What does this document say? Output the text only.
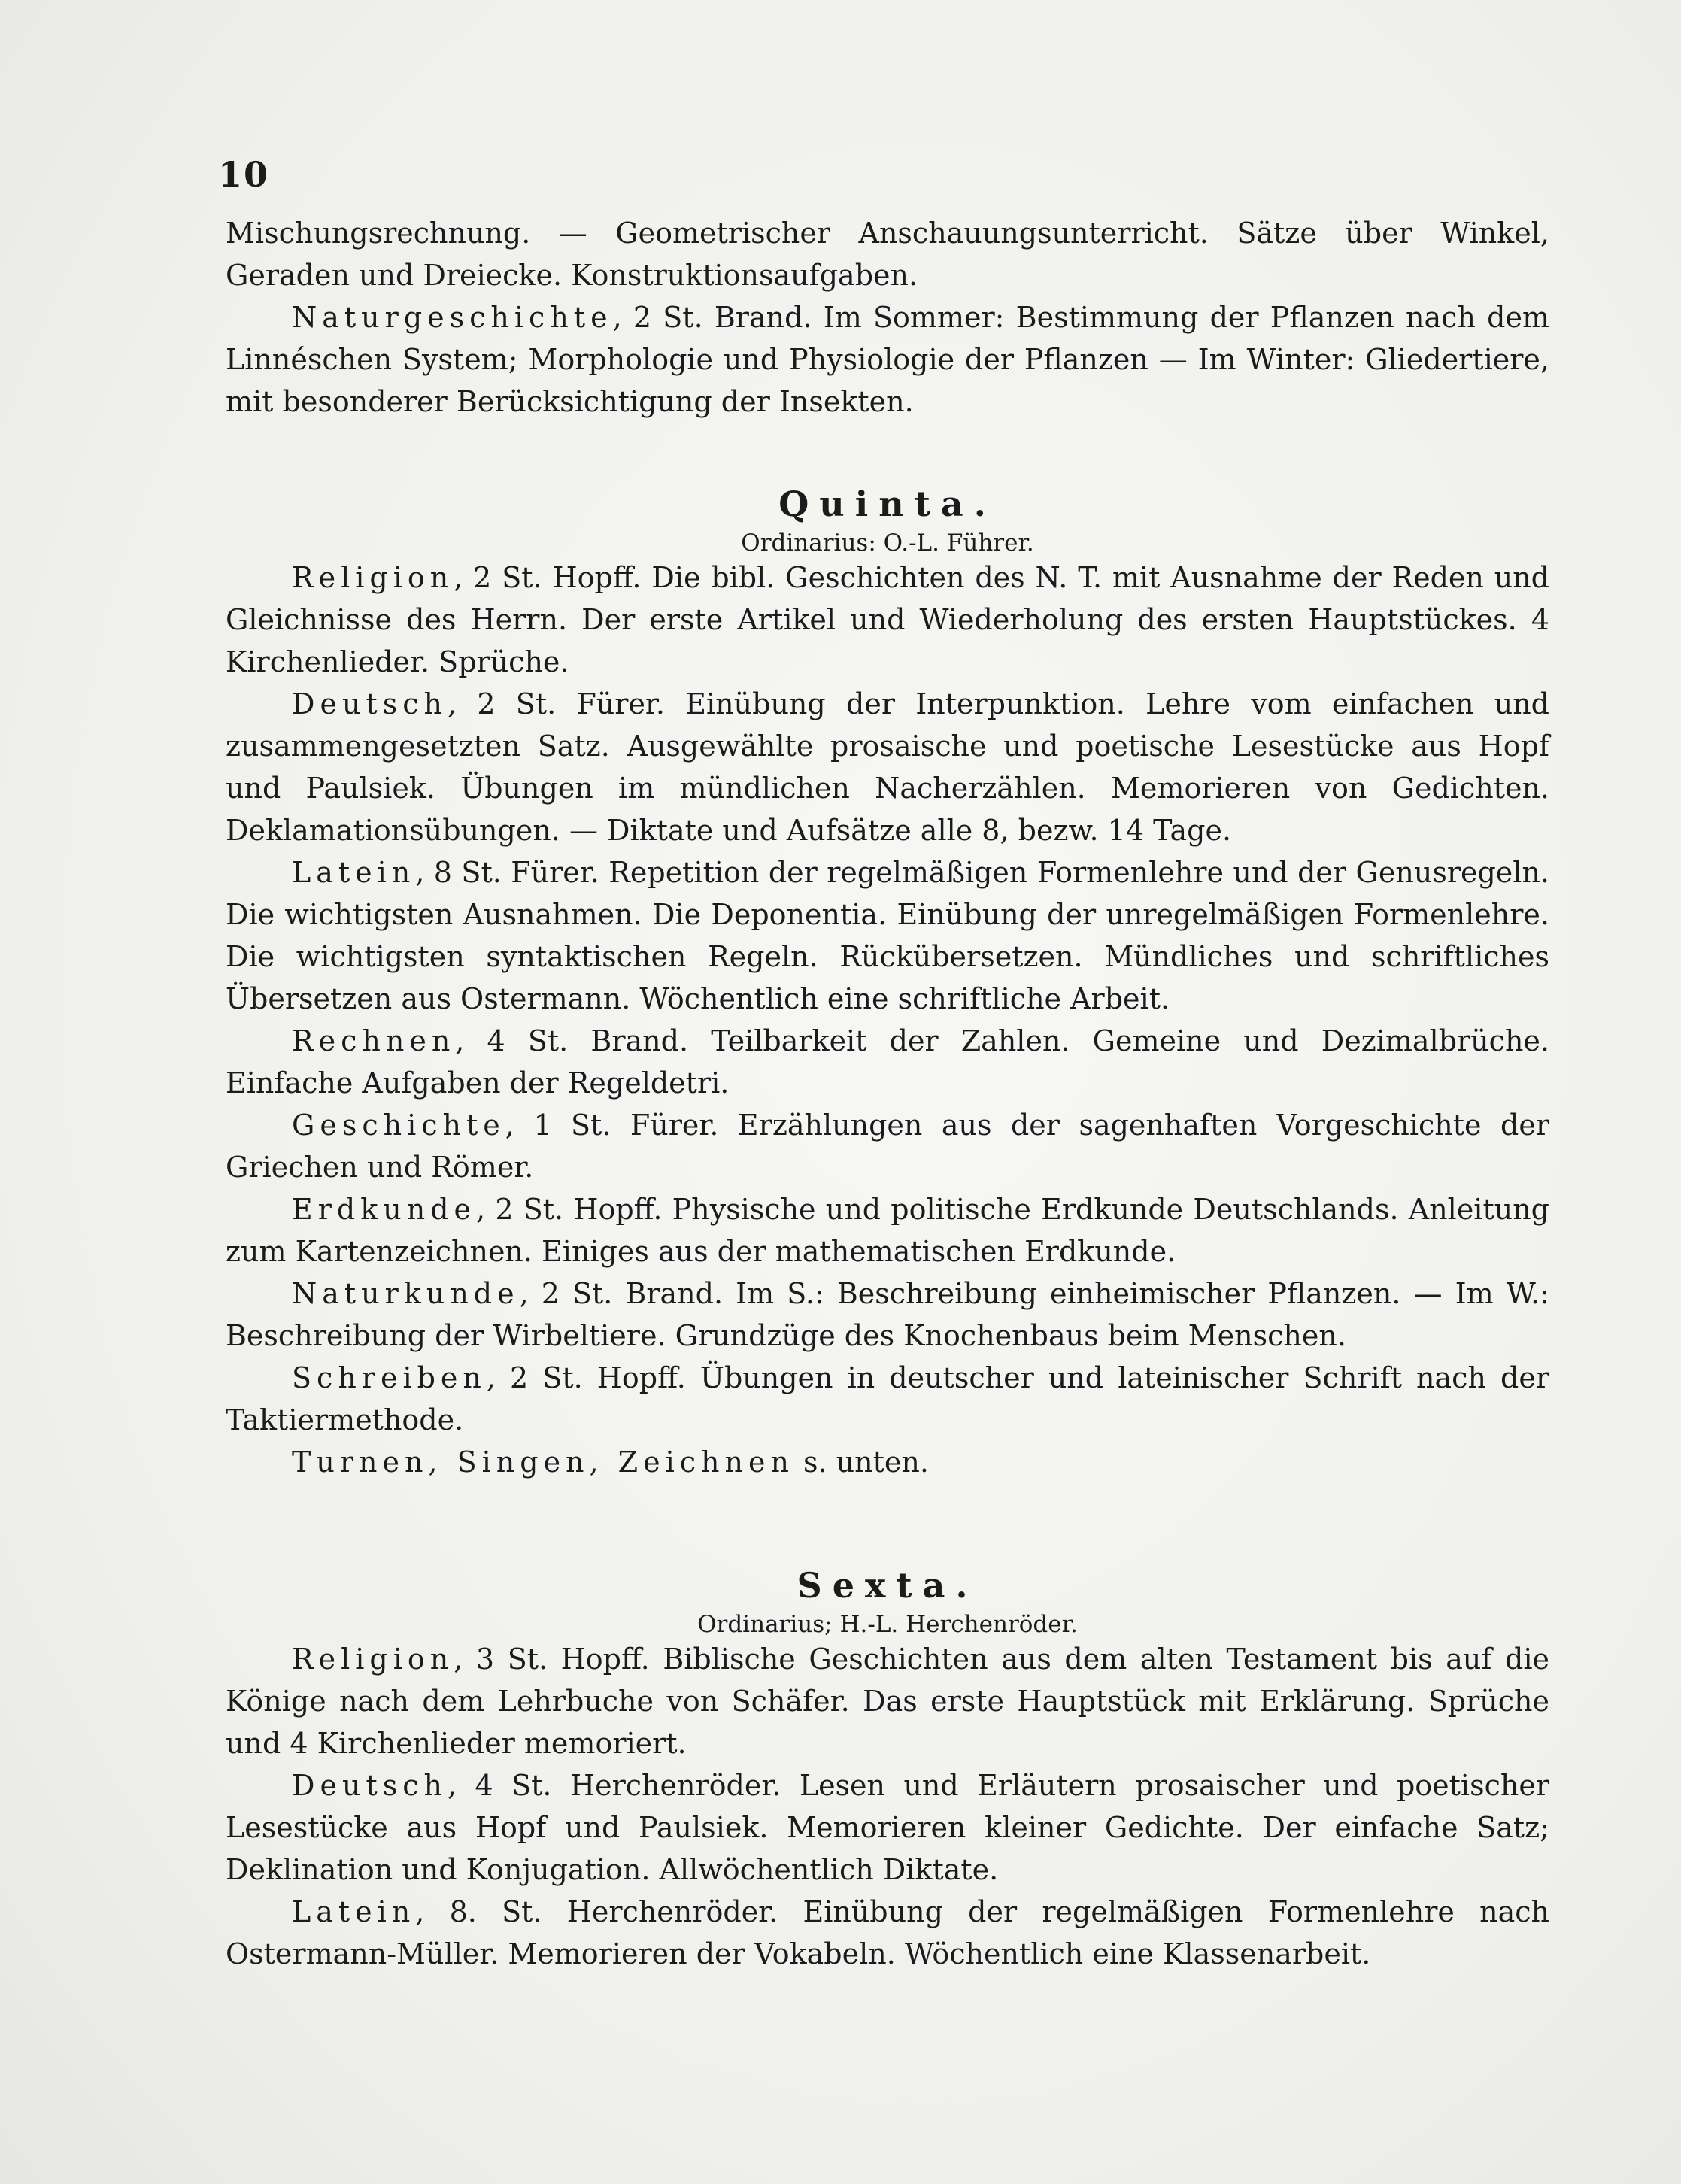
10

Mischungsrechnung. — Geometrischer Anschauungsunterricht. Sätze über Winkel, Geraden und Dreiecke. Konstruktionsaufgaben.

Naturgeschichte, 2 St. Brand. Im Sommer: Bestimmung der Pflanzen nach dem Linnéschen System; Morphologie und Physiologie der Pflanzen — Im Winter: Gliedertiere, mit besonderer Berücksichtigung der Insekten.

Quinta.

Ordinarius: O.-L. Führer.

Religion, 2 St. Hopff. Die bibl. Geschichten des N. T. mit Ausnahme der Reden und Gleichnisse des Herrn. Der erste Artikel und Wiederholung des ersten Hauptstückes. 4 Kirchenlieder. Sprüche.

Deutsch, 2 St. Fürer. Einübung der Interpunktion. Lehre vom einfachen und zusammengesetzten Satz. Ausgewählte prosaische und poetische Lesestücke aus Hopf und Paulsiek. Übungen im mündlichen Nacherzählen. Memorieren von Gedichten. Deklamationsübungen. — Diktate und Aufsätze alle 8, bezw. 14 Tage.

Latein, 8 St. Fürer. Repetition der regelmäßigen Formenlehre und der Genusregeln. Die wichtigsten Ausnahmen. Die Deponentia. Einübung der unregelmäßigen Formenlehre. Die wichtigsten syntaktischen Regeln. Rückübersetzen. Mündliches und schriftliches Übersetzen aus Ostermann. Wöchentlich eine schriftliche Arbeit.

Rechnen, 4 St. Brand. Teilbarkeit der Zahlen. Gemeine und Dezimalbrüche. Einfache Aufgaben der Regeldetri.

Geschichte, 1 St. Fürer. Erzählungen aus der sagenhaften Vorgeschichte der Griechen und Römer.

Erdkunde, 2 St. Hopff. Physische und politische Erdkunde Deutschlands. Anleitung zum Kartenzeichnen. Einiges aus der mathematischen Erdkunde.

Naturkunde, 2 St. Brand. Im S.: Beschreibung einheimischer Pflanzen. — Im W.: Beschreibung der Wirbeltiere. Grundzüge des Knochenbaus beim Menschen.

Schreiben, 2 St. Hopff. Übungen in deutscher und lateinischer Schrift nach der Taktiermethode.

Turnen, Singen, Zeichnen s. unten.

Sexta.

Ordinarius; H.-L. Herchenröder.

Religion, 3 St. Hopff. Biblische Geschichten aus dem alten Testament bis auf die Könige nach dem Lehrbuche von Schäfer. Das erste Hauptstück mit Erklärung. Sprüche und 4 Kirchenlieder memoriert.

Deutsch, 4 St. Herchenröder. Lesen und Erläutern prosaischer und poetischer Lesestücke aus Hopf und Paulsiek. Memorieren kleiner Gedichte. Der einfache Satz; Deklination und Konjugation. Allwöchentlich Diktate.

Latein, 8. St. Herchenröder. Einübung der regelmäßigen Formenlehre nach Ostermann-Müller. Memorieren der Vokabeln. Wöchentlich eine Klassenarbeit.
